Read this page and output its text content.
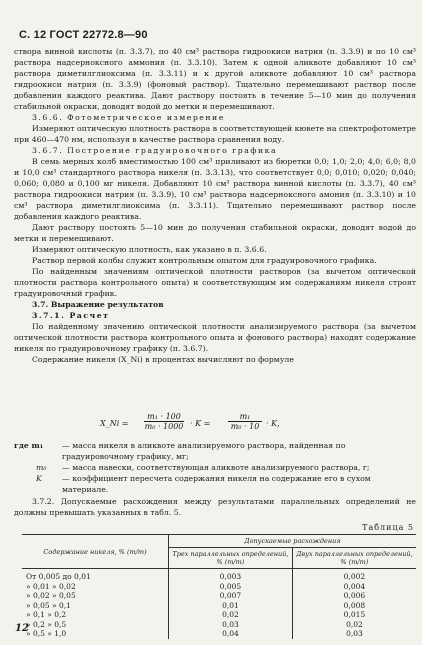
С. 12 ГОСТ 22772.8—90

створа винной кислоты (п. 3.3.7), по 40 см³ раствора гидроокиси натрия (п. 3.3.9) и по 10 см³ раствора надсерноксного аммония (п. 3.3.10). Затем к одной аликвоте добавляют 10 см³ раствора диметилглиоксима (п. 3.3.11) и к другой аликвоте добавляют 10 см³ раствора гидроокиси натрия (п. 3.3.9) (фоновый раствор). Тщательно перемешивают раствор после добавления каждого реактива. Дают раствору постоять в течение 5—10 мин до получения стабильной окраски, доводят водой до метки и перемешивают.

3.6.6. Фотометрическое измерение

Измеряют оптическую плотность раствора в соответствующей кювете на спектрофотометре при 460—470 нм, используя в качестве раствора сравнения воду.

3.6.7. Построение градуировочного графика

В семь мерных колб вместимостью 100 см³ приливают из бюретки 0,0; 1,0; 2,0; 4,0; 6,0; 8,0 и 10,0 см³ стандартного раствора никеля (п. 3.3.13), что соответствует 0,0; 0,010; 0,020; 0,040; 0,060; 0,080 и 0,100 мг никеля. Добавляют 10 см³ раствора винной кислоты (п. 3.3.7), 40 см³ раствора гидроокиси натрия (п. 3.3.9), 10 см³ раствора надсерноксного амония (п. 3.3.10) и 10 см³ раствора диметилглиоксима (п. 3.3.11). Тщательно перемешивают раствор после добавления каждого реактива.

Дают раствору постоять 5—10 мин до получения стабильной окраски, доводят водой до метки и перемешивают.

Измеряют оптическую плотность, как указано в п. 3.6.6.

Раствор первой колбы служит контрольным опытом для градуировочного графика.

По найденным значениям оптической плотности растворов (за вычетом оптической плотности раствора контрольного опыта) и соответствующим им содержаниям никеля строят градуировочный график.

3.7. Выражение результатов

3.7.1. Расчет

По найденному значению оптической плотности анализируемого раствора (за вычетом оптической плотности раствора контрольного опыта и фонового раствора) находят содержание никеля по градуировочному графику (п. 3.6.7).

Содержание никеля (X_Ni) в процентах вычисляют по формуле

X_Ni = $\frac{\text{m₁ · 100}}{\text{m₀ · 1000}} \cdot K = \frac{\text{m₁}}{\text{m₀ · 10}} \cdot K$,
где m₁ — масса никеля в аликвоте анализируемого раствора, найденная по градуировочному графику, мг;
m₀ — масса навески, соответствующая аликвоте анализируемого раствора, г;
K	— коэффициент пересчета содержания никеля на содержание его в сухом материале.
3.7.2. Допускаемые расхождения между результатами параллельных определений не должны превышать указанных в табл. 5.
Таблица 5
Содержание никеля, % (m/m)	Допускаемые расхождения	
	Трех параллельных определений, % (m/m)	Двух параллельных определений, % (m/m)
От 0,005 до 0,01	0,003	0,002
» 0,01 » 0,02	0,005	0,004
» 0,02 » 0,05	0,007	0,006
» 0,05 » 0,1	0,01	0,008
» 0,1 » 0,2	0,02	0,015
» 0,2 » 0,5	0,03	0,02
» 0,5 » 1,0	0,04	0,03
12
